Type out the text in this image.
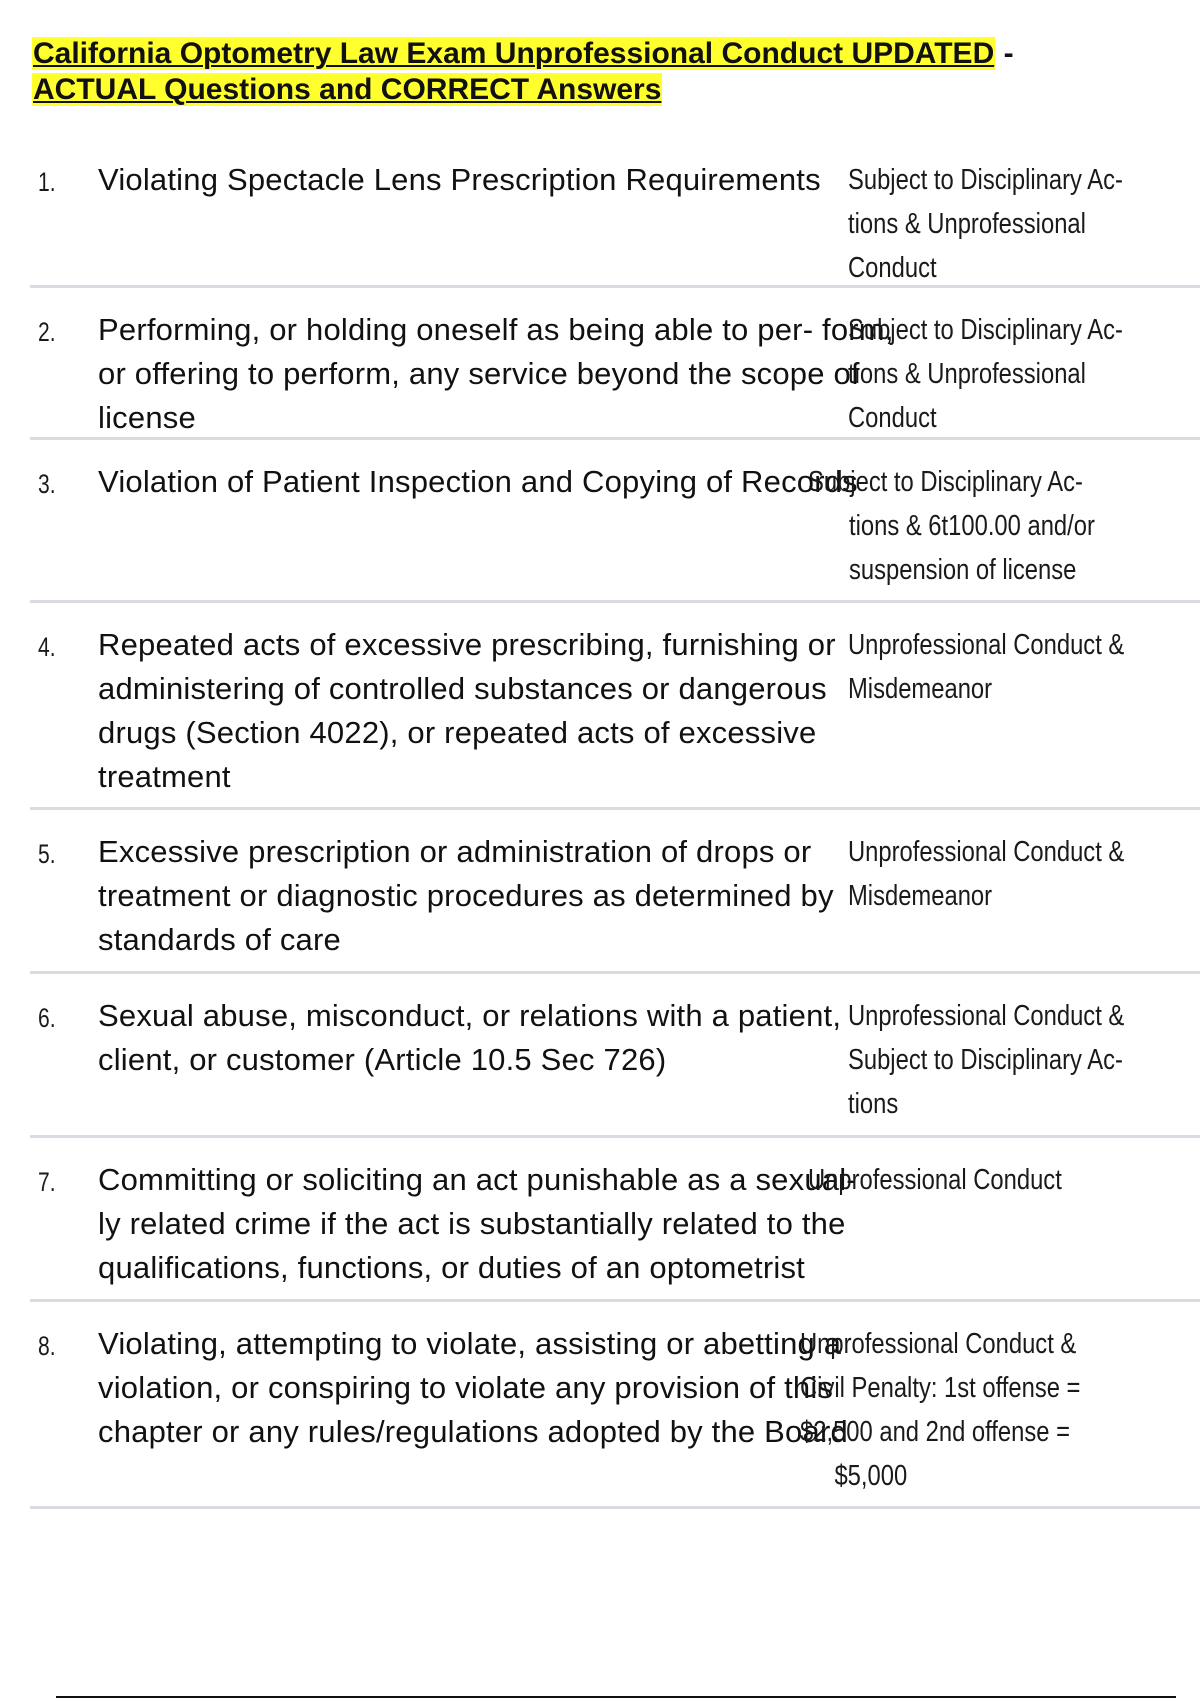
California Optometry Law Exam Unprofessional Conduct UPDATED -
ACTUAL Questions and CORRECT Answers
1. Violating Spectacle Lens Prescription Requirements Subject to Disciplinary Ac-
tions & Unprofessional
Conduct
2. Performing, or holding oneself as being able to per- form, or offering to perform, any service beyond the scope of license
Subject to Disciplinary Ac-
tions & Unprofessional
Conduct
3. Violation of Patient Inspection and Copying of Records
Subject to Disciplinary Ac-
tions & 6t100.00 and/or
suspension of license
4. Repeated acts of excessive prescribing, furnishing or administering of controlled substances or dangerous drugs (Section 4022), or repeated acts of excessive treatment
Unprofessional Conduct &
Misdemeanor
5. Excessive prescription or administration of drops or treatment or diagnostic procedures as determined by standards of care
Unprofessional Conduct &
Misdemeanor
6. Sexual abuse, misconduct, or relations with a patient, client, or customer (Article 10.5 Sec 726)
Unprofessional Conduct &
Subject to Disciplinary Ac-
tions
7. Committing or soliciting an act punishable as a sexual- ly related crime if the act is substantially related to the qualifications, functions, or duties of an optometrist
Unprofessional Conduct
8. Violating, attempting to violate, assisting or abetting a violation, or conspiring to violate any provision of this chapter or any rules/regulations adopted by the Board
Unprofessional Conduct &
Civil Penalty: 1st offense =
$2,500 and 2nd offense =
$5,000
